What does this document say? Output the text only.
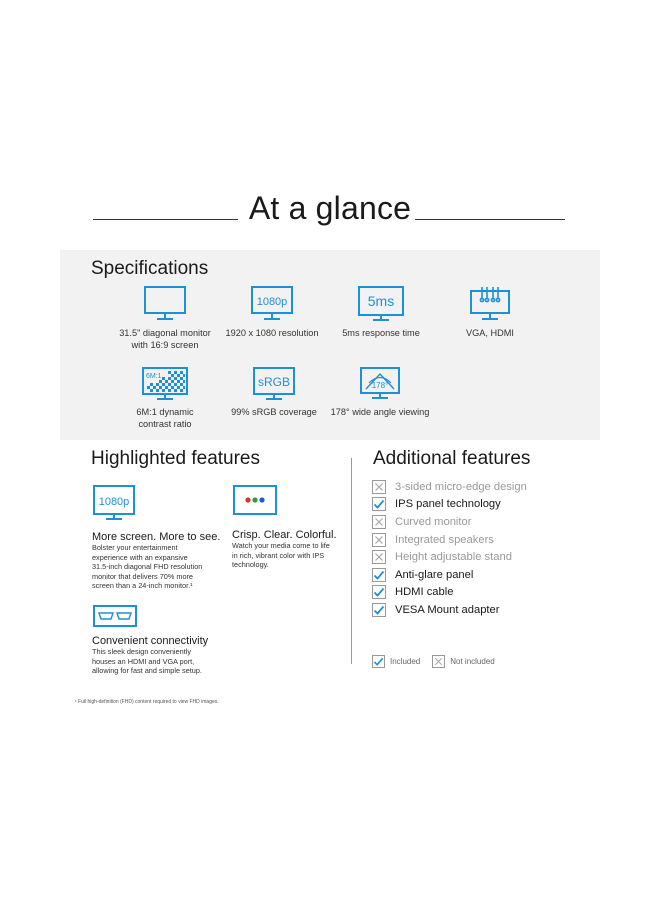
At a glance
Specifications
31.5" diagonal monitor
with 16:9 screen
1080p
1920 x 1080 resolution
5ms
5ms response time	VGA, HDMI
6M:1
6M:1 dynamic
contrast ratio
sRGB
99% sRGB coverage
178°
178° wide angle viewing
Highlighted features
1080p
More screen. More to see.
Bolster your entertainment
experience with an expansive
31.5-inch diagonal FHD resolution
monitor that delivers 70% more
screen than a 24-inch monitor.¹
Crisp. Clear. Colorful.
Watch your media come to life
in rich, vibrant color with IPS
technology.
Convenient connectivity
This sleek design conveniently
houses an HDMI and VGA port,
allowing for fast and simple setup.
Additional features
3-sided micro-edge design
IPS panel technology
Curved monitor
Integrated speakers
Height adjustable stand
Anti-glare panel
HDMI cable
VESA Mount adapter
Included	Not included
¹ Full high-definition (FHD) content required to view FHD images.
